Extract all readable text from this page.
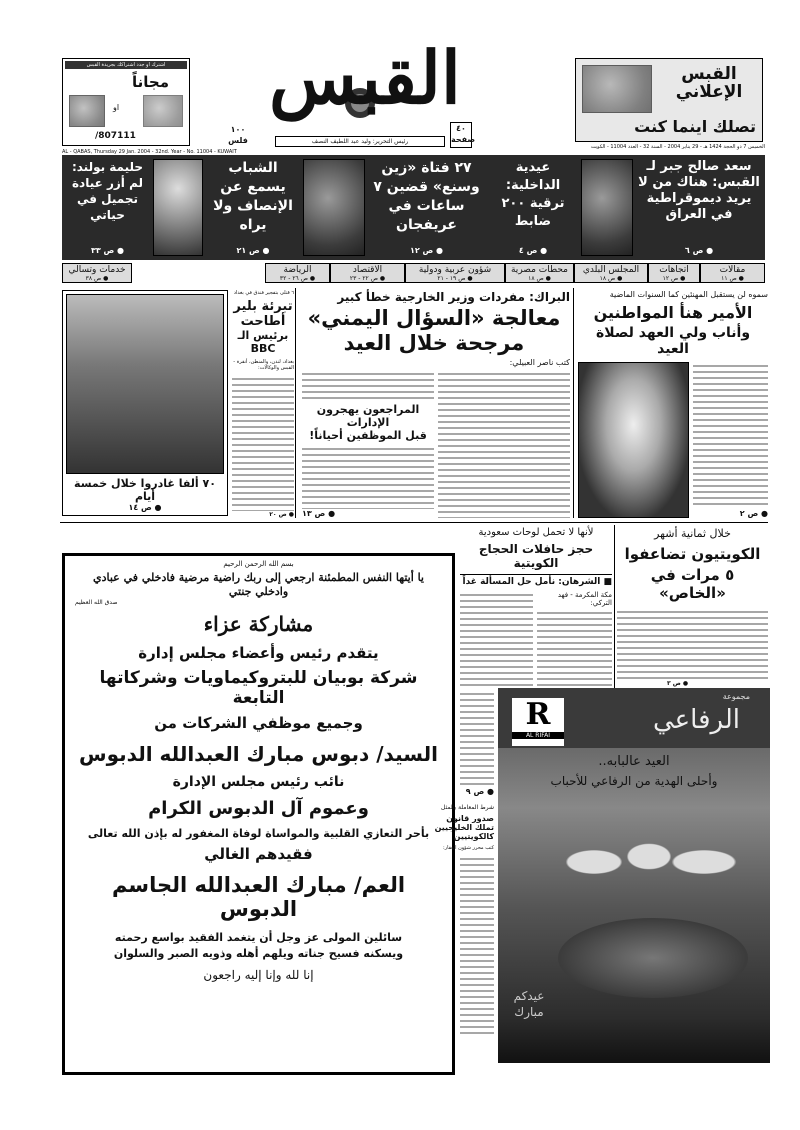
القبس الإعلاني
تصلك اينما كنت
الخميس 7 ذو الحجة 1424 هـ - 29 يناير 2004 - السنة 32 - العدد 11004 - الكويت
القبس
٤٠
صفحة
رئيس التحرير: وليد عبد اللطيف النصف
١٠٠
فلس
اشترك او جدد اشتراكك بجريدة القبس
مجاناً
او
/807111
AL - QABAS, Thursday 29 Jan. 2004 - 32nd. Year - No. 11004 - KUWAIT
سعد صالح جبر لـ القبس: هناك من لا يريد ديموقراطية في العراق
● ص ٦
عيدية الداخلية: ترقية ٢٠٠ ضابط
● ص ٤
٢٧ فتاة «زين وسنع» قضين ٧ ساعات في عريفجان
● ص ١٢
الشباب يسمع عن الإنصاف ولا يراه
● ص ٢١
حليمة بولند: لم أزر عيادة تجميل في حياتي
● ص ٣٣
مقالات
● ص ١١
اتجاهات
● ص ١٢
المجلس البلدي
● ص ١٨
محطات مصرية
● ص ١٨
شؤون عربية ودولية
● ص ١٩ - ٢١
الاقتصاد
● ص ٢٢ - ٢٣
الرياضة
● ص ٢٦ - ٣٢
خدمات وتسالي
● ص ٣٨
سموه لن يستقبل المهنئين كما السنوات الماضية
الأمير هنأ المواطنين
وأناب ولي العهد لصلاة العيد
● ص ٢
البراك: مفردات وزير الخارجية خطأ كبير
معالجة «السؤال اليمني»
مرجحة خلال العيد
كتب ناصر العبيلي:
المراجعون يهجرون الإدارات
قبل الموظفين أحياناً!
● ص ١٣
٦ قتلى بتفجير فندق في بغداد
تبرئة بلير
أطاحت
برئيس الـ BBC
بغداد، لندن، والمنطن، أنقرة - القبس والوكالات:
● ص ٢٠
٧٠ ألفا غادروا خلال خمسة أيام
● ص ١٤
بسم الله الرحمن الرحيم
يا أيتها النفس المطمئنة ارجعي إلى ربك راضية مرضية فادخلي في عبادي وادخلي جنتي
صدق الله العظيم
مشاركة عزاء
يتقدم رئيس وأعضاء مجلس إدارة
شركة بوبيان للبتروكيماويات وشركاتها التابعة
وجميع موظفي الشركات من
السيد/ دبوس مبارك العبدالله الدبوس
نائب رئيس مجلس الإدارة
وعموم آل الدبوس الكرام
بأحر التعازي القلبية والمواساة لوفاة المغفور له بإذن الله تعالى
فقيدهم الغالي
العم/ مبارك العبدالله الجاسم الدبوس
سائلين المولى عز وجل أن يتغمد الفقيد بواسع رحمته
ويسكنه فسيح جناته ويلهم أهله وذويه الصبر والسلوان
إنا لله وإنا إليه راجعون
لأنها لا تحمل لوحات سعودية
حجز حافلات الحجاج الكويتية
■ الشرهان: نأمل حل المسألة غداً
مكة المكرمة - فهد التركي:
خلال ثمانية أشهر
الكويتيون تضاعفوا
٥ مرات في «الخاص»
● ص ٣
● ص ٩
شرط المعاملة بالمثل
صدور قانون
تملك الخليجيين
كالكويتيين
كتب محرر شؤون العقار:
R
AL RIFAI
مجموعة
الرفاعي
العيد عالبابه..
وأحلى الهدية من الرفاعي للأحباب
عيدكم مبارك
